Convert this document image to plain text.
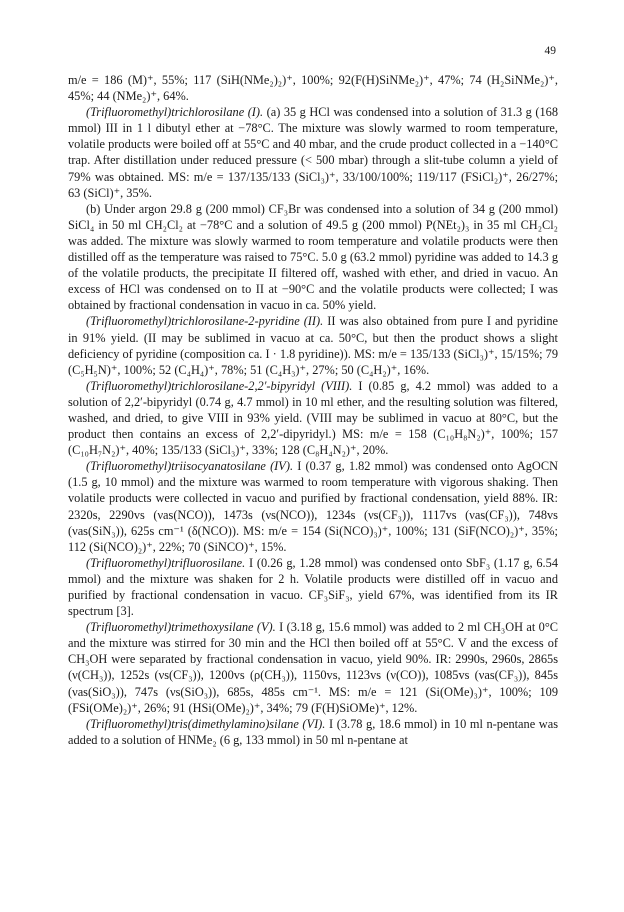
49

m/e = 186 (M)⁺, 55%; 117 (SiH(NMe₂)₂)⁺, 100%; 92(F(H)SiNMe₂)⁺, 47%; 74 (H₂SiNMe₂)⁺, 45%; 44 (NMe₂)⁺, 64%.

(Trifluoromethyl)trichlorosilane (I). (a) 35 g HCl was condensed into a solution of 31.3 g (168 mmol) III in 1 l dibutyl ether at −78°C. The mixture was slowly warmed to room temperature, volatile products were boiled off at 55°C and 40 mbar, and the crude product collected in a −140°C trap. After distillation under reduced pressure (< 500 mbar) through a slit-tube column a yield of 79% was obtained. MS: m/e = 137/135/133 (SiCl₃)⁺, 33/100/100%; 119/117 (FSiCl₂)⁺, 26/27%; 63 (SiCl)⁺, 35%.

(b) Under argon 29.8 g (200 mmol) CF₃Br was condensed into a solution of 34 g (200 mmol) SiCl₄ in 50 ml CH₂Cl₂ at −78°C and a solution of 49.5 g (200 mmol) P(NEt₂)₃ in 35 ml CH₂Cl₂ was added. The mixture was slowly warmed to room temperature and volatile products were then distilled off as the temperature was raised to 75°C. 5.0 g (63.2 mmol) pyridine was added to 14.3 g of the volatile products, the precipitate II filtered off, washed with ether, and dried in vacuo. An excess of HCl was condensed on to II at −90°C and the volatile products were collected; I was obtained by fractional condensation in vacuo in ca. 50% yield.

(Trifluoromethyl)trichlorosilane-2-pyridine (II). II was also obtained from pure I and pyridine in 91% yield. (II may be sublimed in vacuo at ca. 50°C, but then the product shows a slight deficiency of pyridine (composition ca. I · 1.8 pyridine)). MS: m/e = 135/133 (SiCl₃)⁺, 15/15%; 79 (C₅H₅N)⁺, 100%; 52 (C₄H₄)⁺, 78%; 51 (C₄H₃)⁺, 27%; 50 (C₄H₂)⁺, 16%.

(Trifluoromethyl)trichlorosilane-2,2′-bipyridyl (VIII). I (0.85 g, 4.2 mmol) was added to a solution of 2,2′-bipyridyl (0.74 g, 4.7 mmol) in 10 ml ether, and the resulting solution was filtered, washed, and dried, to give VIII in 93% yield. (VIII may be sublimed in vacuo at 80°C, but the product then contains an excess of 2,2′-dipyridyl.) MS: m/e = 158 (C₁₀H₈N₂)⁺, 100%; 157 (C₁₀H₇N₂)⁺, 40%; 135/133 (SiCl₃)⁺, 33%; 128 (C₈H₄N₂)⁺, 20%.

(Trifluoromethyl)triisocyanatosilane (IV). I (0.37 g, 1.82 mmol) was condensed onto AgOCN (1.5 g, 10 mmol) and the mixture was warmed to room temperature with vigorous shaking. Then volatile products were collected in vacuo and purified by fractional condensation, yield 88%. IR: 2320s, 2290vs (νas(NCO)), 1473s (νs(NCO)), 1234s (νs(CF₃)), 1117vs (νas(CF₃)), 748vs (νas(SiN₃)), 625s cm⁻¹ (δ(NCO)). MS: m/e = 154 (Si(NCO)₃)⁺, 100%; 131 (SiF(NCO)₂)⁺, 35%; 112 (Si(NCO)₂)⁺, 22%; 70 (SiNCO)⁺, 15%.

(Trifluoromethyl)trifluorosilane. I (0.26 g, 1.28 mmol) was condensed onto SbF₃ (1.17 g, 6.54 mmol) and the mixture was shaken for 2 h. Volatile products were distilled off in vacuo and purified by fractional condensation in vacuo. CF₃SiF₃, yield 67%, was identified from its IR spectrum [3].

(Trifluoromethyl)trimethoxysilane (V). I (3.18 g, 15.6 mmol) was added to 2 ml CH₃OH at 0°C and the mixture was stirred for 30 min and the HCl then boiled off at 55°C. V and the excess of CH₃OH were separated by fractional condensation in vacuo, yield 90%. IR: 2990s, 2960s, 2865s (ν(CH₃)), 1252s (νs(CF₃)), 1200vs (ρ(CH₃)), 1150vs, 1123vs (ν(CO)), 1085vs (νas(CF₃)), 845s (νas(SiO₃)), 747s (νs(SiO₃)), 685s, 485s cm⁻¹. MS: m/e = 121 (Si(OMe)₃)⁺, 100%; 109 (FSi(OMe)₂)⁺, 26%; 91 (HSi(OMe)₂)⁺, 34%; 79 (F(H)SiOMe)⁺, 12%.

(Trifluoromethyl)tris(dimethylamino)silane (VI). I (3.78 g, 18.6 mmol) in 10 ml n-pentane was added to a solution of HNMe₂ (6 g, 133 mmol) in 50 ml n-pentane at
